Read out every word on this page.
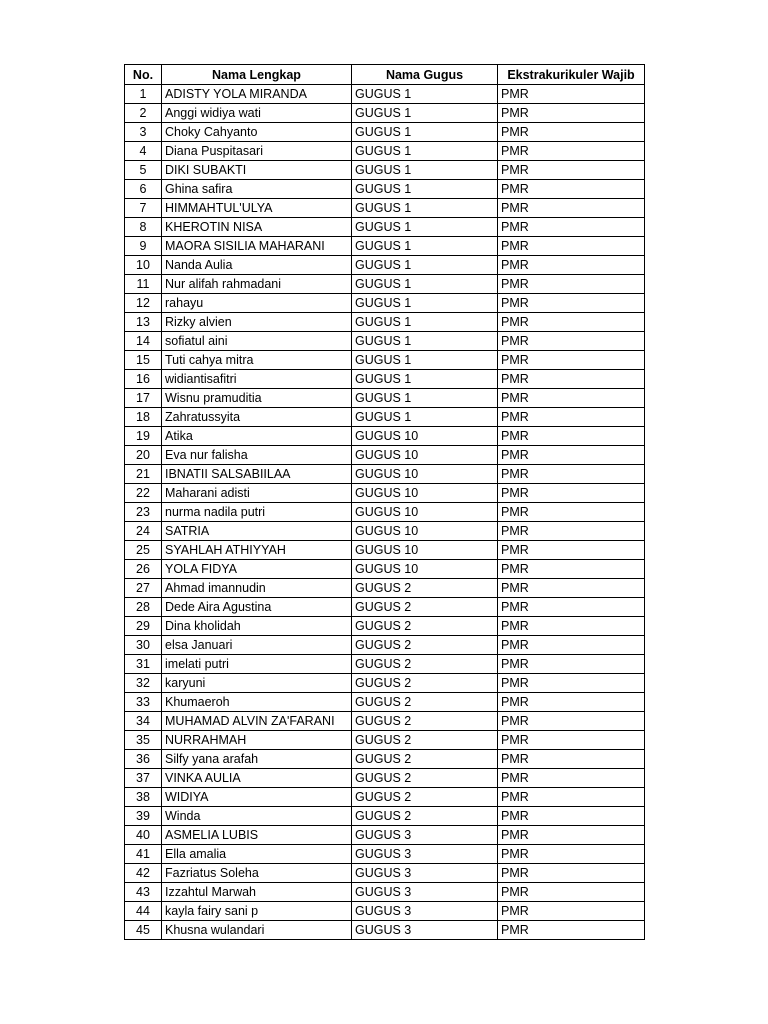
No.	Nama Lengkap	Nama Gugus	Ekstrakurikuler Wajib
1	ADISTY YOLA MIRANDA	GUGUS 1	PMR
2	Anggi widiya wati	GUGUS 1	PMR
3	Choky Cahyanto	GUGUS 1	PMR
4	Diana Puspitasari	GUGUS 1	PMR
5	DIKI SUBAKTI	GUGUS 1	PMR
6	Ghina safira	GUGUS 1	PMR
7	HIMMAHTUL'ULYA	GUGUS 1	PMR
8	KHEROTIN NISA	GUGUS 1	PMR
9	MAORA SISILIA MAHARANI	GUGUS 1	PMR
10	Nanda Aulia	GUGUS 1	PMR
11	Nur alifah rahmadani	GUGUS 1	PMR
12	rahayu	GUGUS 1	PMR
13	Rizky alvien	GUGUS 1	PMR
14	sofiatul aini	GUGUS 1	PMR
15	Tuti cahya mitra	GUGUS 1	PMR
16	widiantisafitri	GUGUS 1	PMR
17	Wisnu pramuditia	GUGUS 1	PMR
18	Zahratussyita	GUGUS 1	PMR
19	Atika	GUGUS 10	PMR
20	Eva nur falisha	GUGUS 10	PMR
21	IBNATII SALSABIILAA	GUGUS 10	PMR
22	Maharani adisti	GUGUS 10	PMR
23	nurma nadila putri	GUGUS 10	PMR
24	SATRIA	GUGUS 10	PMR
25	SYAHLAH ATHIYYAH	GUGUS 10	PMR
26	YOLA FIDYA	GUGUS 10	PMR
27	Ahmad imannudin	GUGUS 2	PMR
28	Dede Aira Agustina	GUGUS 2	PMR
29	Dina kholidah	GUGUS 2	PMR
30	elsa Januari	GUGUS 2	PMR
31	imelati putri	GUGUS 2	PMR
32	karyuni	GUGUS 2	PMR
33	Khumaeroh	GUGUS 2	PMR
34	MUHAMAD ALVIN ZA'FARANI	GUGUS 2	PMR
35	NURRAHMAH	GUGUS 2	PMR
36	Silfy yana arafah	GUGUS 2	PMR
37	VINKA AULIA	GUGUS 2	PMR
38	WIDIYA	GUGUS 2	PMR
39	Winda	GUGUS 2	PMR
40	ASMELIA LUBIS	GUGUS 3	PMR
41	Ella amalia	GUGUS 3	PMR
42	Fazriatus Soleha	GUGUS 3	PMR
43	Izzahtul Marwah	GUGUS 3	PMR
44	kayla fairy sani p	GUGUS 3	PMR
45	Khusna wulandari	GUGUS 3	PMR
